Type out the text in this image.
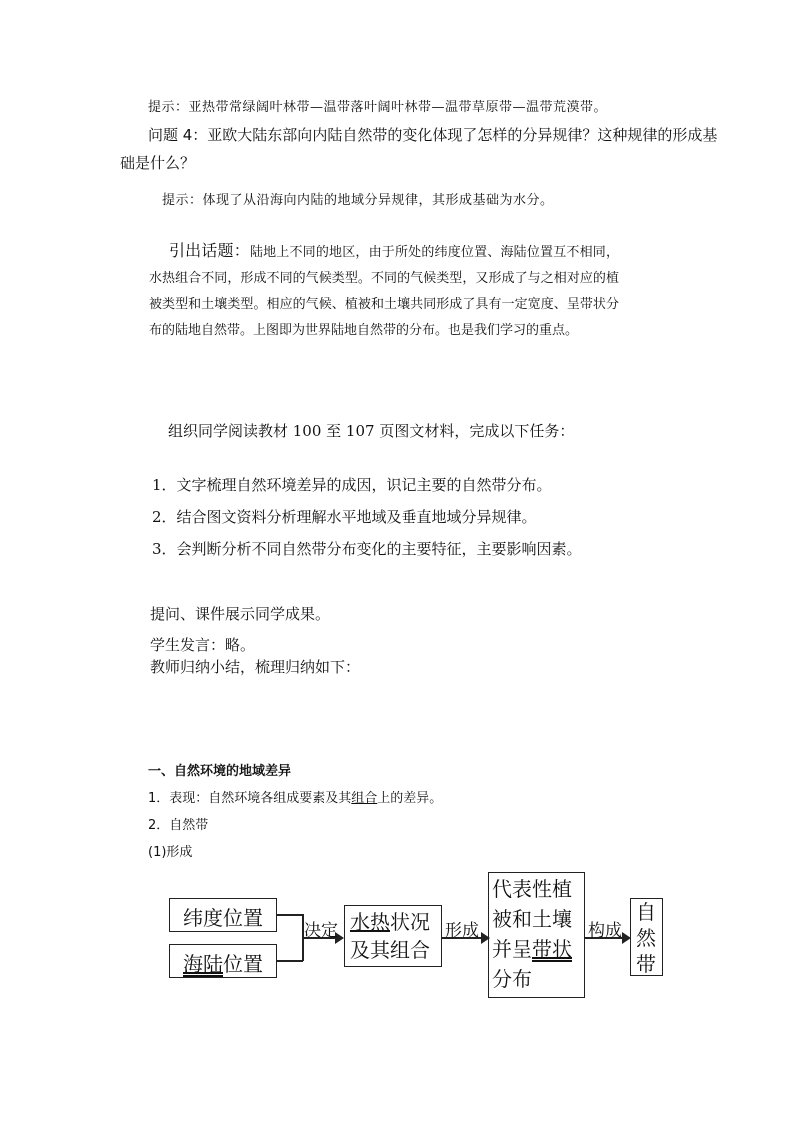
提示：亚热带常绿阔叶林带—温带落叶阔叶林带—温带草原带—温带荒漠带。
问题 4：亚欧大陆东部向内陆自然带的变化体现了怎样的分异规律？这种规律的形成基
础是什么？
提示：体现了从沿海向内陆的地域分异规律，其形成基础为水分。
引出话题：陆地上不同的地区，由于所处的纬度位置、海陆位置互不相同，水热组合不同，形成不同的气候类型。不同的气候类型，又形成了与之相对应的植被类型和土壤类型。相应的气候、植被和土壤共同形成了具有一定宽度、呈带状分布的陆地自然带。上图即为世界陆地自然带的分布。也是我们学习的重点。
组织同学阅读教材 100 至 107 页图文材料，完成以下任务：
1．文字梳理自然环境差异的成因，识记主要的自然带分布。
2．结合图文资料分析理解水平地域及垂直地域分异规律。
3．会判断分析不同自然带分布变化的主要特征，主要影响因素。
提问、课件展示同学成果。
学生发言：略。
教师归纳小结，梳理归纳如下：
一、自然环境的地域差异
1．表现：自然环境各组成要素及其组合上的差异。
2．自然带
(1)形成
纬度位置
海陆位置
决定 水热状况
及其组合
形成
代表性植
被和土壤
并呈带状
分布
构成
自然带
